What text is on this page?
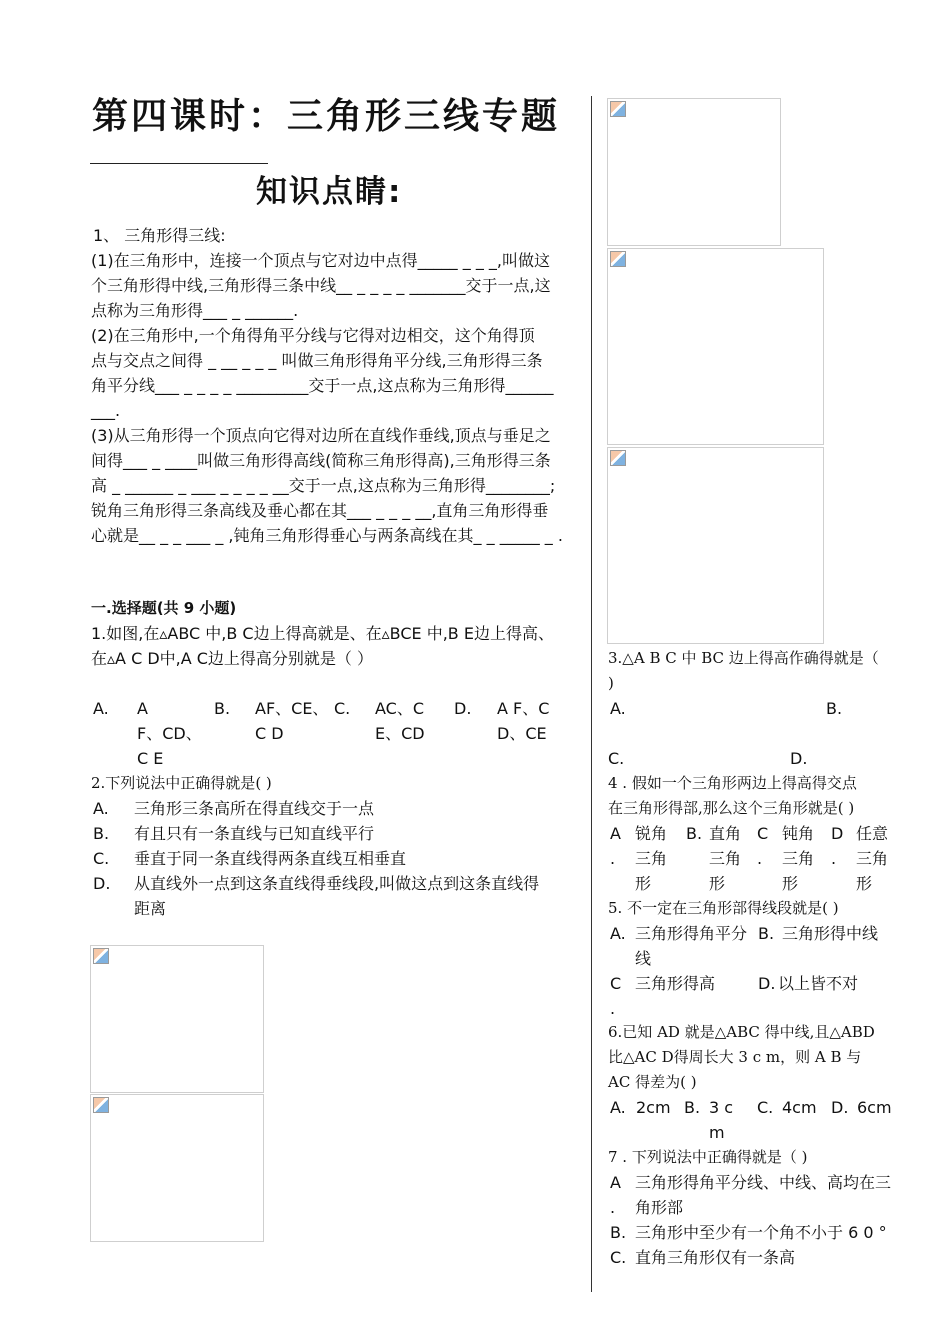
第四课时：三角形三线专题
知识点睛:

1、 三角形得三线:

(1)在三角形中，连接一个顶点与它对边中点得_____ _ _ _,叫做这

个三角形得中线,三角形得三条中线__ _ _ _ _ _______交于一点,这

点称为三角形得___ _ ______.

(2)在三角形中,一个角得角平分线与它得对边相交，这个角得顶

点与交点之间得 _ __ _ _ _ 叫做三角形得角平分线,三角形得三条

角平分线___ _ _ _ _ _________交于一点,这点称为三角形得______

___.

(3)从三角形得一个顶点向它得对边所在直线作垂线,顶点与垂足之

间得___ _ ____叫做三角形得高线(简称三角形得高),三角形得三条

高 _ ______ _ ___ _ _ _ _ __交于一点,这点称为三角形得________;

锐角三角形得三条高线及垂心都在其___ _ _ _ __,直角三角形得垂

心就是__ _ _ ___ _ ,钝角三角形得垂心与两条高线在其_ _ _____ _ .

一.选择题(共 9 小题)

1.如图,在▵ABC 中,B C边上得高就是、在▵BCE 中,B E边上得高、

在▵A C D中,A C边上得高分别就是（ ）

A. A
F、CD、
C E
B. AF、CE、
C D
C. AC、C
E、CD
D. A F、C
D、CE
2.下列说法中正确得就是( )
A. 三角形三条高所在得直线交于一点
B. 有且只有一条直线与已知直线平行
C. 垂直于同一条直线得两条直线互相垂直
D. 从直线外一点到这条直线得垂线段,叫做这点到这条直线得
距离
3.△A B C 中 BC 边上得高作确得就是（
)
A.	B.
C.	D.
4 . 假如一个三角形两边上得高得交点
在三角形得部,那么这个三角形就是( )
A
.
锐角
三角
形
B. 直角
三角
形
C
.
钝角
三角
形
D
.
任意
三角
形
5. 不一定在三角形部得线段就是( )
A. 三角形得角平分
线
B. 三角形得中线
C
.
三角形得高	D. 以上皆不对
6.已知 AD 就是△ABC 得中线,且△ABD
比△AC D得周长大 3 c m，则 A B 与
AC 得差为( )
A. 2cm B. 3 c
m
C. 4cm D. 6cm
7 . 下列说法中正确得就是（ )
A
.
三角形得角平分线、中线、高均在三
角形部
B. 三角形中至少有一个角不小于 6 0 °
C. 直角三角形仅有一条高
